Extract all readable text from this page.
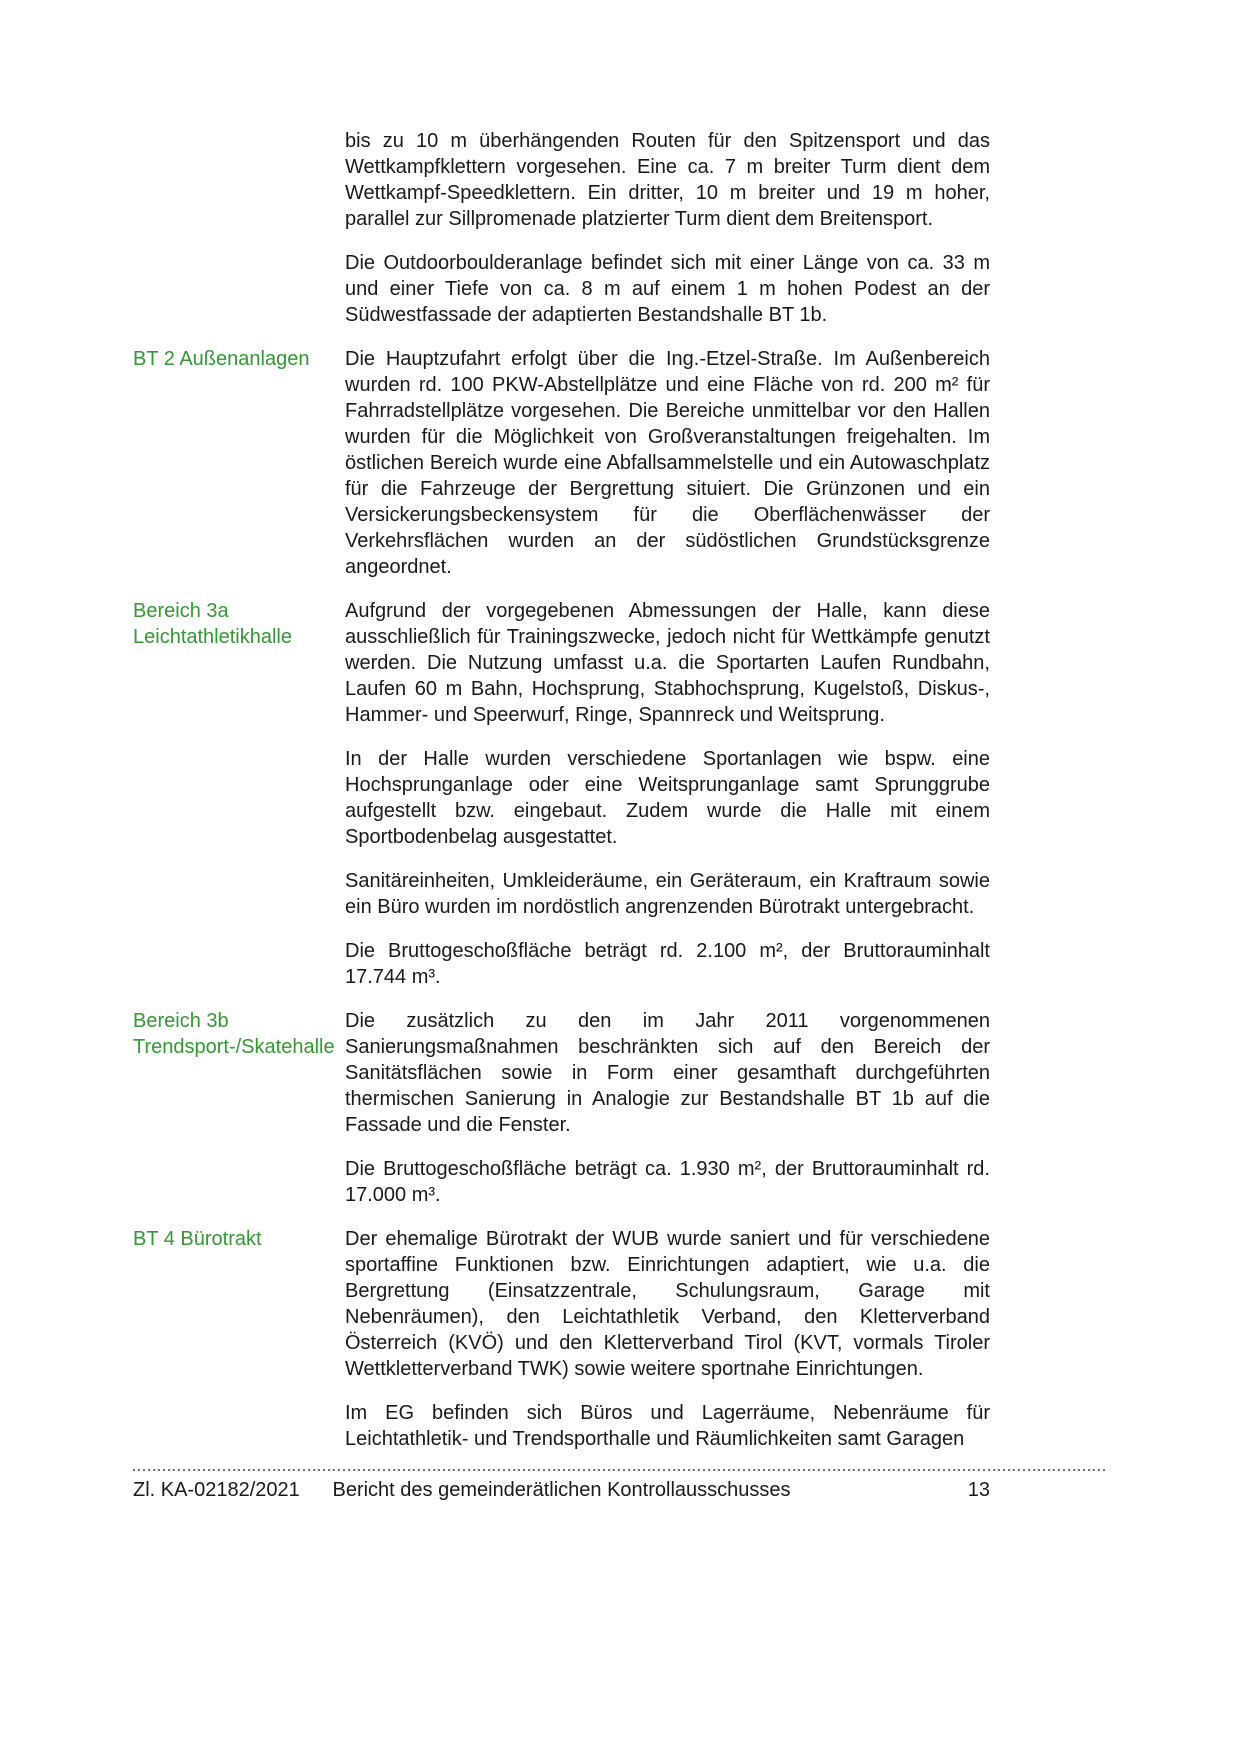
bis zu 10 m überhängenden Routen für den Spitzensport und das Wettkampfklettern vorgesehen. Eine ca. 7 m breiter Turm dient dem Wettkampf-Speedklettern. Ein dritter, 10 m breiter und 19 m hoher, parallel zur Sillpromenade platzierter Turm dient dem Breitensport.

Die Outdoorboulderanlage befindet sich mit einer Länge von ca. 33 m und einer Tiefe von ca. 8 m auf einem 1 m hohen Podest an der Südwestfassade der adaptierten Bestandshalle BT 1b.

BT 2 Außenanlagen	Die Hauptzufahrt erfolgt über die Ing.-Etzel-Straße. Im Außenbereich wurden rd. 100 PKW-Abstellplätze und eine Fläche von rd. 200 m² für Fahrradstellplätze vorgesehen. Die Bereiche unmittelbar vor den Hallen wurden für die Möglichkeit von Großveranstaltungen freigehalten. Im östlichen Bereich wurde eine Abfallsammelstelle und ein Autowaschplatz für die Fahrzeuge der Bergrettung situiert. Die Grünzonen und ein Versickerungsbeckensystem für die Oberflächenwässer der Verkehrsflächen wurden an der südöstlichen Grundstücksgrenze angeordnet.

Bereich 3a
Leichtathletikhalle

Aufgrund der vorgegebenen Abmessungen der Halle, kann diese ausschließlich für Trainingszwecke, jedoch nicht für Wettkämpfe genutzt werden. Die Nutzung umfasst u.a. die Sportarten Laufen Rundbahn, Laufen 60 m Bahn, Hochsprung, Stabhochsprung, Kugelstoß, Diskus-, Hammer- und Speerwurf, Ringe, Spannreck und Weitsprung.

In der Halle wurden verschiedene Sportanlagen wie bspw. eine Hochsprunganlage oder eine Weitsprunganlage samt Sprunggrube aufgestellt bzw. eingebaut. Zudem wurde die Halle mit einem Sportbodenbelag ausgestattet.

Sanitäreinheiten, Umkleideräume, ein Geräteraum, ein Kraftraum sowie ein Büro wurden im nordöstlich angrenzenden Bürotrakt untergebracht.

Die Bruttogeschoßfläche beträgt rd. 2.100 m², der Bruttorauminhalt 17.744 m³.

Bereich 3b
Trendsport-/Skatehalle

Die zusätzlich zu den im Jahr 2011 vorgenommenen Sanierungsmaßnahmen beschränkten sich auf den Bereich der Sanitätsflächen sowie in Form einer gesamthaft durchgeführten thermischen Sanierung in Analogie zur Bestandshalle BT 1b auf die Fassade und die Fenster.

Die Bruttogeschoßfläche beträgt ca. 1.930 m², der Bruttorauminhalt rd. 17.000 m³.

BT 4 Bürotrakt	Der ehemalige Bürotrakt der WUB wurde saniert und für verschiedene sportaffine Funktionen bzw. Einrichtungen adaptiert, wie u.a. die Bergrettung (Einsatzzentrale, Schulungsraum, Garage mit Nebenräumen), den Leichtathletik Verband, den Kletterverband Österreich (KVÖ) und den Kletterverband Tirol (KVT, vormals Tiroler Wettkletterverband TWK) sowie weitere sportnahe Einrichtungen.

Im EG befinden sich Büros und Lagerräume, Nebenräume für Leichtathletik- und Trendsporthalle und Räumlichkeiten samt Garagen

Zl. KA-02182/2021	Bericht des gemeinderätlichen Kontrollausschusses	13
